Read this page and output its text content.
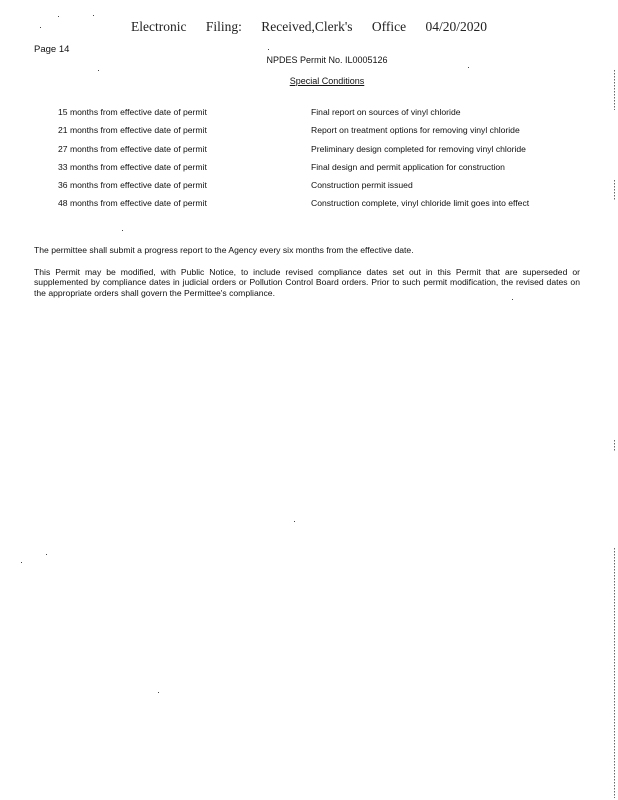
Electronic Filing: Received,Clerk's Office 04/20/2020
Page 14
NPDES Permit No. IL0005126
Special Conditions
15 months from effective date of permit	Final report on sources of vinyl chloride
21 months from effective date of permit	Report on treatment options for removing vinyl chloride
27 months from effective date of permit	Preliminary design completed for removing vinyl chloride
33 months from effective date of permit	Final design and permit application for construction
36 months from effective date of permit	Construction permit issued
48 months from effective date of permit	Construction complete, vinyl chloride limit goes into effect

The permittee shall submit a progress report to the Agency every six months from the effective date.

This Permit may be modified, with Public Notice, to include revised compliance dates set out in this Permit that are superseded or supplemented by compliance dates in judicial orders or Pollution Control Board orders. Prior to such permit modification, the revised dates on the appropriate orders shall govern the Permittee's compliance.
